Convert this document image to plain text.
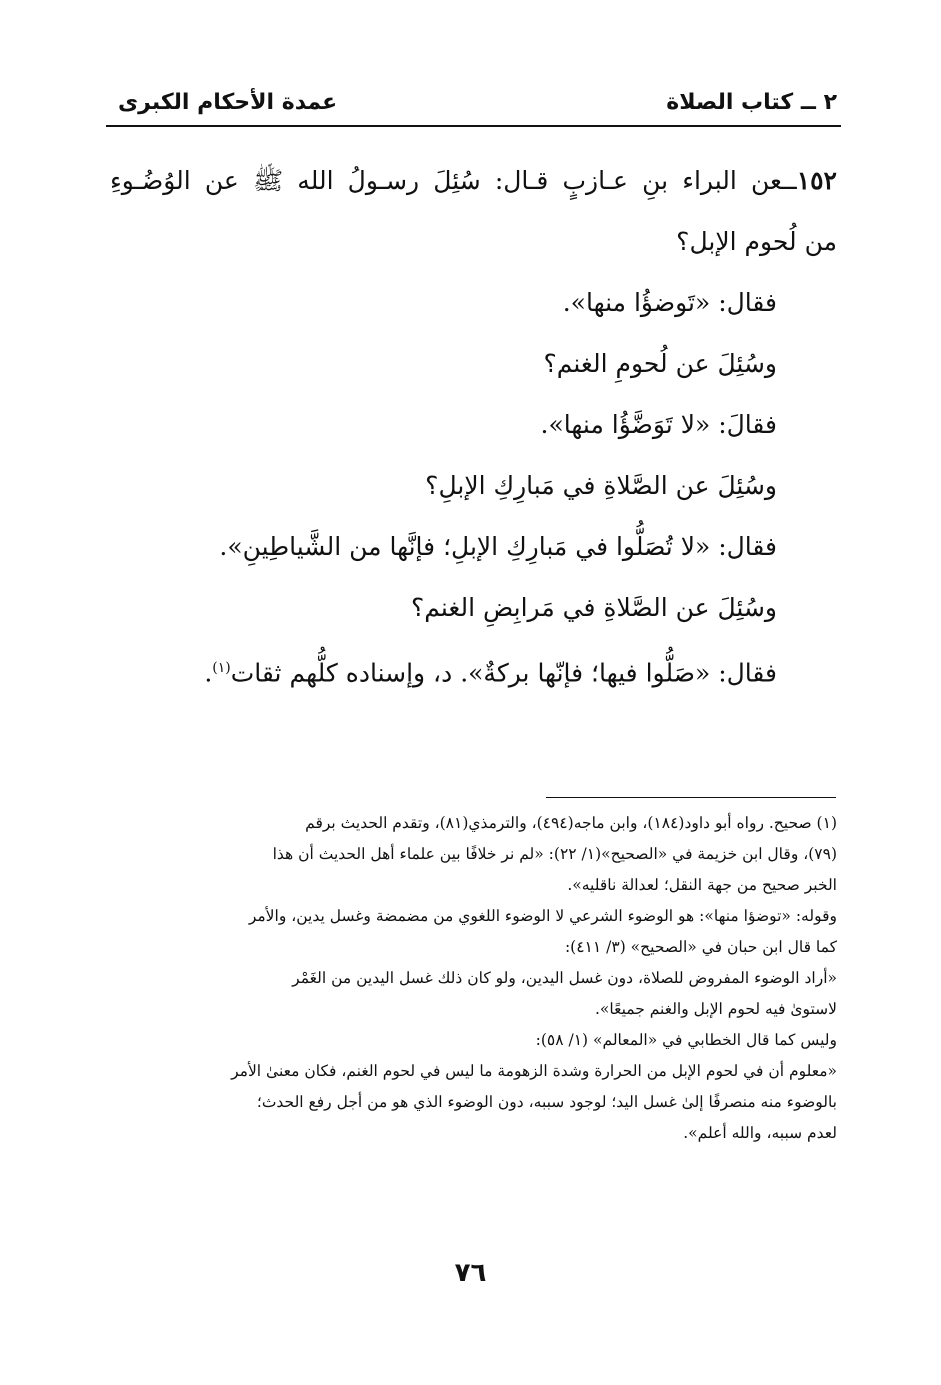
٢ ــ كتاب الصلاة
عمدة الأحكام الكبرى

١٥٢ــعن البراء بنِ عـازبٍ قـال: سُئِلَ رسـولُ الله ﷺ عن الوُضُـوءِ

من لُحوم الإبل؟

فقال: «تَوضؤُا منها».

وسُئِلَ عن لُحومِ الغنم؟

فقالَ: «لا تَوَضَّؤُا منها».

وسُئِلَ عن الصَّلاةِ في مَبارِكِ الإبلِ؟

فقال: «لا تُصَلُّوا في مَبارِكِ الإبلِ؛ فإنَّها من الشَّياطِينِ».

وسُئِلَ عن الصَّلاةِ في مَرابِضِ الغنم؟

فقال: «صَلُّوا فيها؛ فإنّها بركةٌ». د، وإسناده كلُّهم ثقات$^{(١)}$.

(١) صحيح. رواه أبو داود(١٨٤)، وابن ماجه(٤٩٤)، والترمذي(٨١)، وتقدم الحديث برقم

(٧٩)، وقال ابن خزيمة في «الصحيح»(١/ ٢٢): «لم نر خلافًا بين علماء أهل الحديث أن هذا

الخبر صحيح من جهة النقل؛ لعدالة ناقليه».

وقوله: «توضؤا منها»: هو الوضوء الشرعي لا الوضوء اللغوي من مضمضة وغسل يدين، والأمر

كما قال ابن حبان في «الصحيح» (٣/ ٤١١):

«أراد الوضوء المفروض للصلاة، دون غسل اليدين، ولو كان ذلك غسل اليدين من الغَمْر

لاستوىٰ فيه لحوم الإبل والغنم جميعًا».

وليس كما قال الخطابي في «المعالم» (١/ ٥٨):

«معلوم أن في لحوم الإبل من الحرارة وشدة الزهومة ما ليس في لحوم الغنم، فكان معنىٰ الأمر

بالوضوء منه منصرفًا إلىٰ غسل اليد؛ لوجود سببه، دون الوضوء الذي هو من أجل رفع الحدث؛

لعدم سببه، والله أعلم».

٧٦
